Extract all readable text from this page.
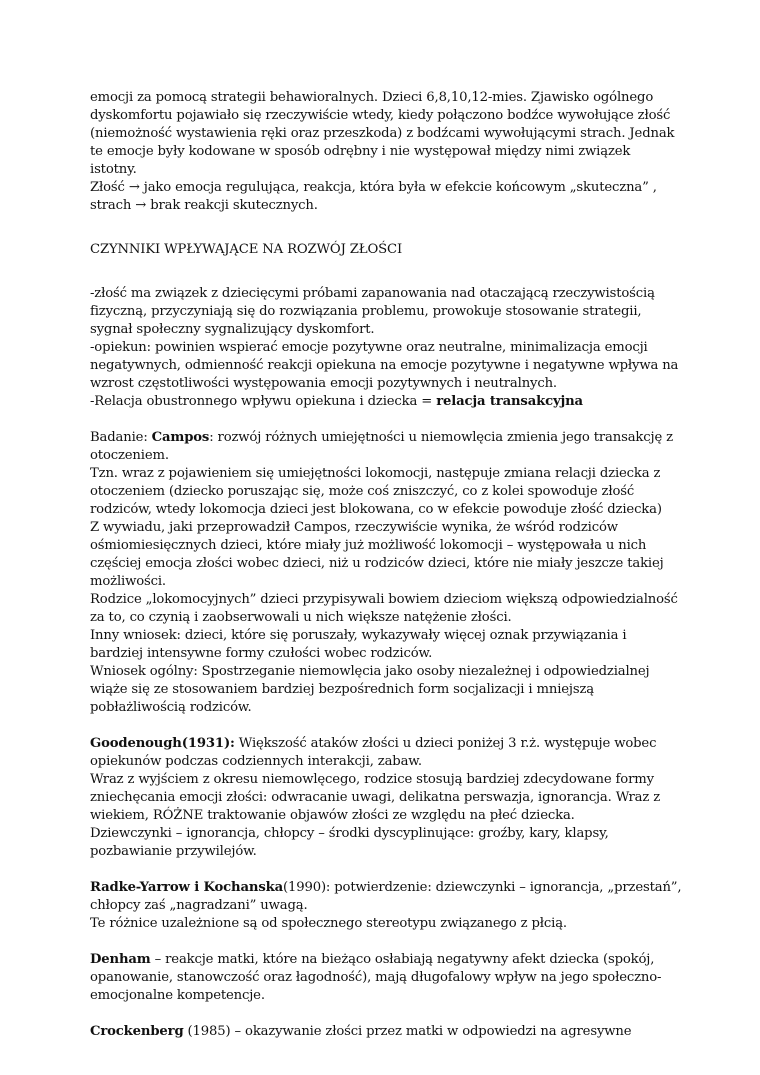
emocji za pomocą strategii behawioralnych. Dzieci 6,8,10,12-mies. Zjawisko ogólnego
dyskomfortu pojawiało się rzeczywiście wtedy, kiedy połączono bodźce wywołujące złość
(niemożność wystawienia ręki oraz przeszkoda) z bodźcami wywołującymi strach. Jednak
te emocje były kodowane w sposób odrębny i nie występował między nimi związek
istotny.
Złość → jako emocja regulująca, reakcja, która była w efekcie końcowym „skuteczna” ,
strach → brak reakcji skutecznych.
CZYNNIKI WPŁYWAJĄCE NA ROZWÓJ ZŁOŚCI
-złość ma związek z dziecięcymi próbami zapanowania nad otaczającą rzeczywistością
fizyczną, przyczyniają się do rozwiązania problemu, prowokuje stosowanie strategii,
sygnał społeczny sygnalizujący dyskomfort.
-opiekun: powinien wspierać emocje pozytywne oraz neutralne, minimalizacja emocji
negatywnych, odmienność reakcji opiekuna na emocje pozytywne i negatywne wpływa na
wzrost częstotliwości występowania emocji pozytywnych i neutralnych.
-Relacja obustronnego wpływu opiekuna i dziecka = relacja transakcyjna
Badanie: Campos: rozwój różnych umiejętności u niemowlęcia zmienia jego transakcję z
otoczeniem.
Tzn. wraz z pojawieniem się umiejętności lokomocji, następuje zmiana relacji dziecka z
otoczeniem (dziecko poruszając się, może coś zniszczyć, co z kolei spowoduje złość
rodziców, wtedy lokomocja dzieci jest blokowana, co w efekcie powoduje złość dziecka)
Z wywiadu, jaki przeprowadził Campos, rzeczywiście wynika, że wśród rodziców
ośmiomiesięcznych dzieci, które miały już możliwość lokomocji – występowała u nich
częściej emocja złości wobec dzieci, niż u rodziców dzieci, które nie miały jeszcze takiej
możliwości.
Rodzice „lokomocyjnych” dzieci przypisywali bowiem dzieciom większą odpowiedzialność
za to, co czynią i zaobserwowali u nich większe natężenie złości.
Inny wniosek: dzieci, które się poruszały, wykazywały więcej oznak przywiązania i
bardziej intensywne formy czułości wobec rodziców.
Wniosek ogólny: Spostrzeganie niemowlęcia jako osoby niezależnej i odpowiedzialnej
wiąże się ze stosowaniem bardziej bezpośrednich form socjalizacji i mniejszą
pobłażliwością rodziców.
Goodenough(1931): Większość ataków złości u dzieci poniżej 3 r.ż. występuje wobec
opiekunów podczas codziennych interakcji, zabaw.
Wraz z wyjściem z okresu niemowlęcego, rodzice stosują bardziej zdecydowane formy
zniechęcania emocji złości: odwracanie uwagi, delikatna perswazja, ignorancja. Wraz z
wiekiem, RÓŻNE traktowanie objawów złości ze względu na płeć dziecka.
Dziewczynki – ignorancja, chłopcy – środki dyscyplinujące: groźby, kary, klapsy,
pozbawianie przywilejów.
Radke-Yarrow i Kochanska(1990): potwierdzenie: dziewczynki – ignorancja, „przestań”,
chłopcy zaś „nagradzani” uwagą.
Te różnice uzależnione są od społecznego stereotypu związanego z płcią.
Denham – reakcje matki, które na bieżąco osłabiają negatywny afekt dziecka (spokój,
opanowanie, stanowczość oraz łagodność), mają długofalowy wpływ na jego społeczno-
emocjonalne kompetencje.
Crockenberg (1985) – okazywanie złości przez matki w odpowiedzi na agresywne
